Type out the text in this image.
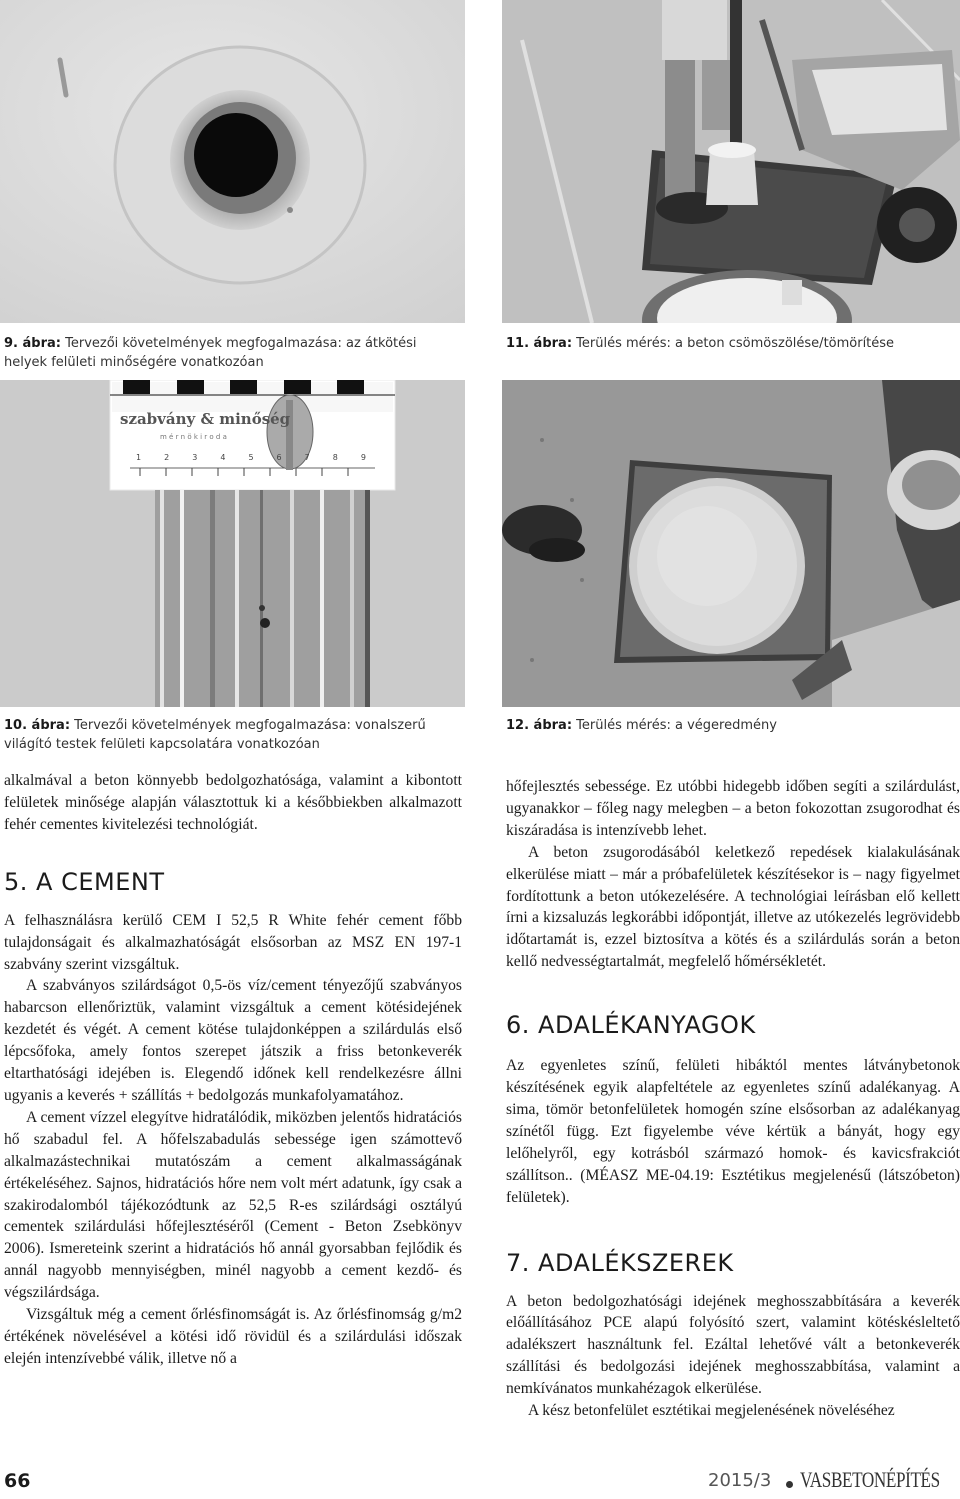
9. ábra: Tervezői követelmények megfogalmazása: az átkötési helyek felületi minőségére vonatkozóan
11. ábra: Terülés mérés: a beton csömöszölése/tömörítése
szabvány & minőség
m é r n ö k i r o d a
1	2	3	4	5	6	7	8	9
10. ábra: Tervezői követelmények megfogalmazása: vonalszerű világító testek felületi kapcsolatára vonatkozóan
12. ábra: Terülés mérés: a végeredmény

alkalmával a beton könnyebb bedolgozhatósága, valamint a kibontott felületek minősége alapján választottuk ki a későbbiekben alkalmazott fehér cementes kivitelezési technológiát.

5. A CEMENT

A felhasználásra kerülő CEM I 52,5 R White fehér cement főbb tulajdonságait és alkalmazhatóságát elsősorban az MSZ EN 197-1 szabvány szerint vizsgáltuk.

A szabványos szilárdságot 0,5-ös víz/cement tényezőjű szabványos habarcson ellenőriztük, valamint vizsgáltuk a cement kötésidejének kezdetét és végét. A cement kötése tulajdonképpen a szilárdulás első lépcsőfoka, amely fontos szerepet játszik a friss betonkeverék eltarthatósági idejében is. Elegendő időnek kell rendelkezésre állni ugyanis a keverés + szállítás + bedolgozás munkafolyamatához.

A cement vízzel elegyítve hidratálódik, miközben jelentős hidratációs hő szabadul fel. A hőfelszabadulás sebessége igen számottevő alkalmazástechnikai mutatószám a cement alkalmasságának értékeléséhez. Sajnos, hidratációs hőre nem volt mért adatunk, így csak a szakirodalomból tájékozódtunk az 52,5 R-es szilárdsági osztályú cementek szilárdulási hőfejlesztéséről (Cement - Beton Zsebkönyv 2006). Ismereteink szerint a hidratációs hő annál gyorsabban fejlődik és annál nagyobb mennyiségben, minél nagyobb a cement kezdő- és végszilárdsága.

Vizsgáltuk még a cement őrlésfinomságát is. Az őrlésfinomság g/m2 értékének növelésével a kötési idő rövidül és a szilárdulási időszak elején intenzívebbé válik, illetve nő a

hőfejlesztés sebessége. Ez utóbbi hidegebb időben segíti a szilárdulást, ugyanakkor – főleg nagy melegben – a beton fokozottan zsugorodhat és kiszáradása is intenzívebb lehet.

A beton zsugorodásából keletkező repedések kialakulásának elkerülése miatt – már a próbafelületek készítésekor is – nagy figyelmet fordítottunk a beton utókezelésére. A technológiai leírásban elő kellett írni a kizsaluzás legkorábbi időpontját, illetve az utókezelés legrövidebb időtartamát is, ezzel biztosítva a kötés és a szilárdulás során a beton kellő nedvességtartalmát, megfelelő hőmérsékletét.

6. ADALÉKANYAGOK

Az egyenletes színű, felületi hibáktól mentes látványbetonok készítésének egyik alapfeltétele az egyenletes színű adalékanyag. A sima, tömör betonfelületek homogén színe elsősorban az adalékanyag színétől függ. Ezt figyelembe véve kértük a bányát, hogy egy lelőhelyről, egy kotrásból származó homok- és kavicsfrakciót szállítson.. (MÉASZ ME-04.19: Esztétikus megjelenésű (látszóbeton) felületek).

7. ADALÉKSZEREK

A beton bedolgozhatósági idejének meghosszabbítására a keverék előállításához PCE alapú folyósító szert, valamint kötéskésleltető adalékszert használtunk fel. Ezáltal lehetővé vált a betonkeverék szállítási és bedolgozási idejének meghosszabbítása, valamint a nemkívánatos munkahézagok elkerülése.

A kész betonfelület esztétikai megjelenésének növeléséhez

66	2015/3 VASBETONÉPÍTÉS
